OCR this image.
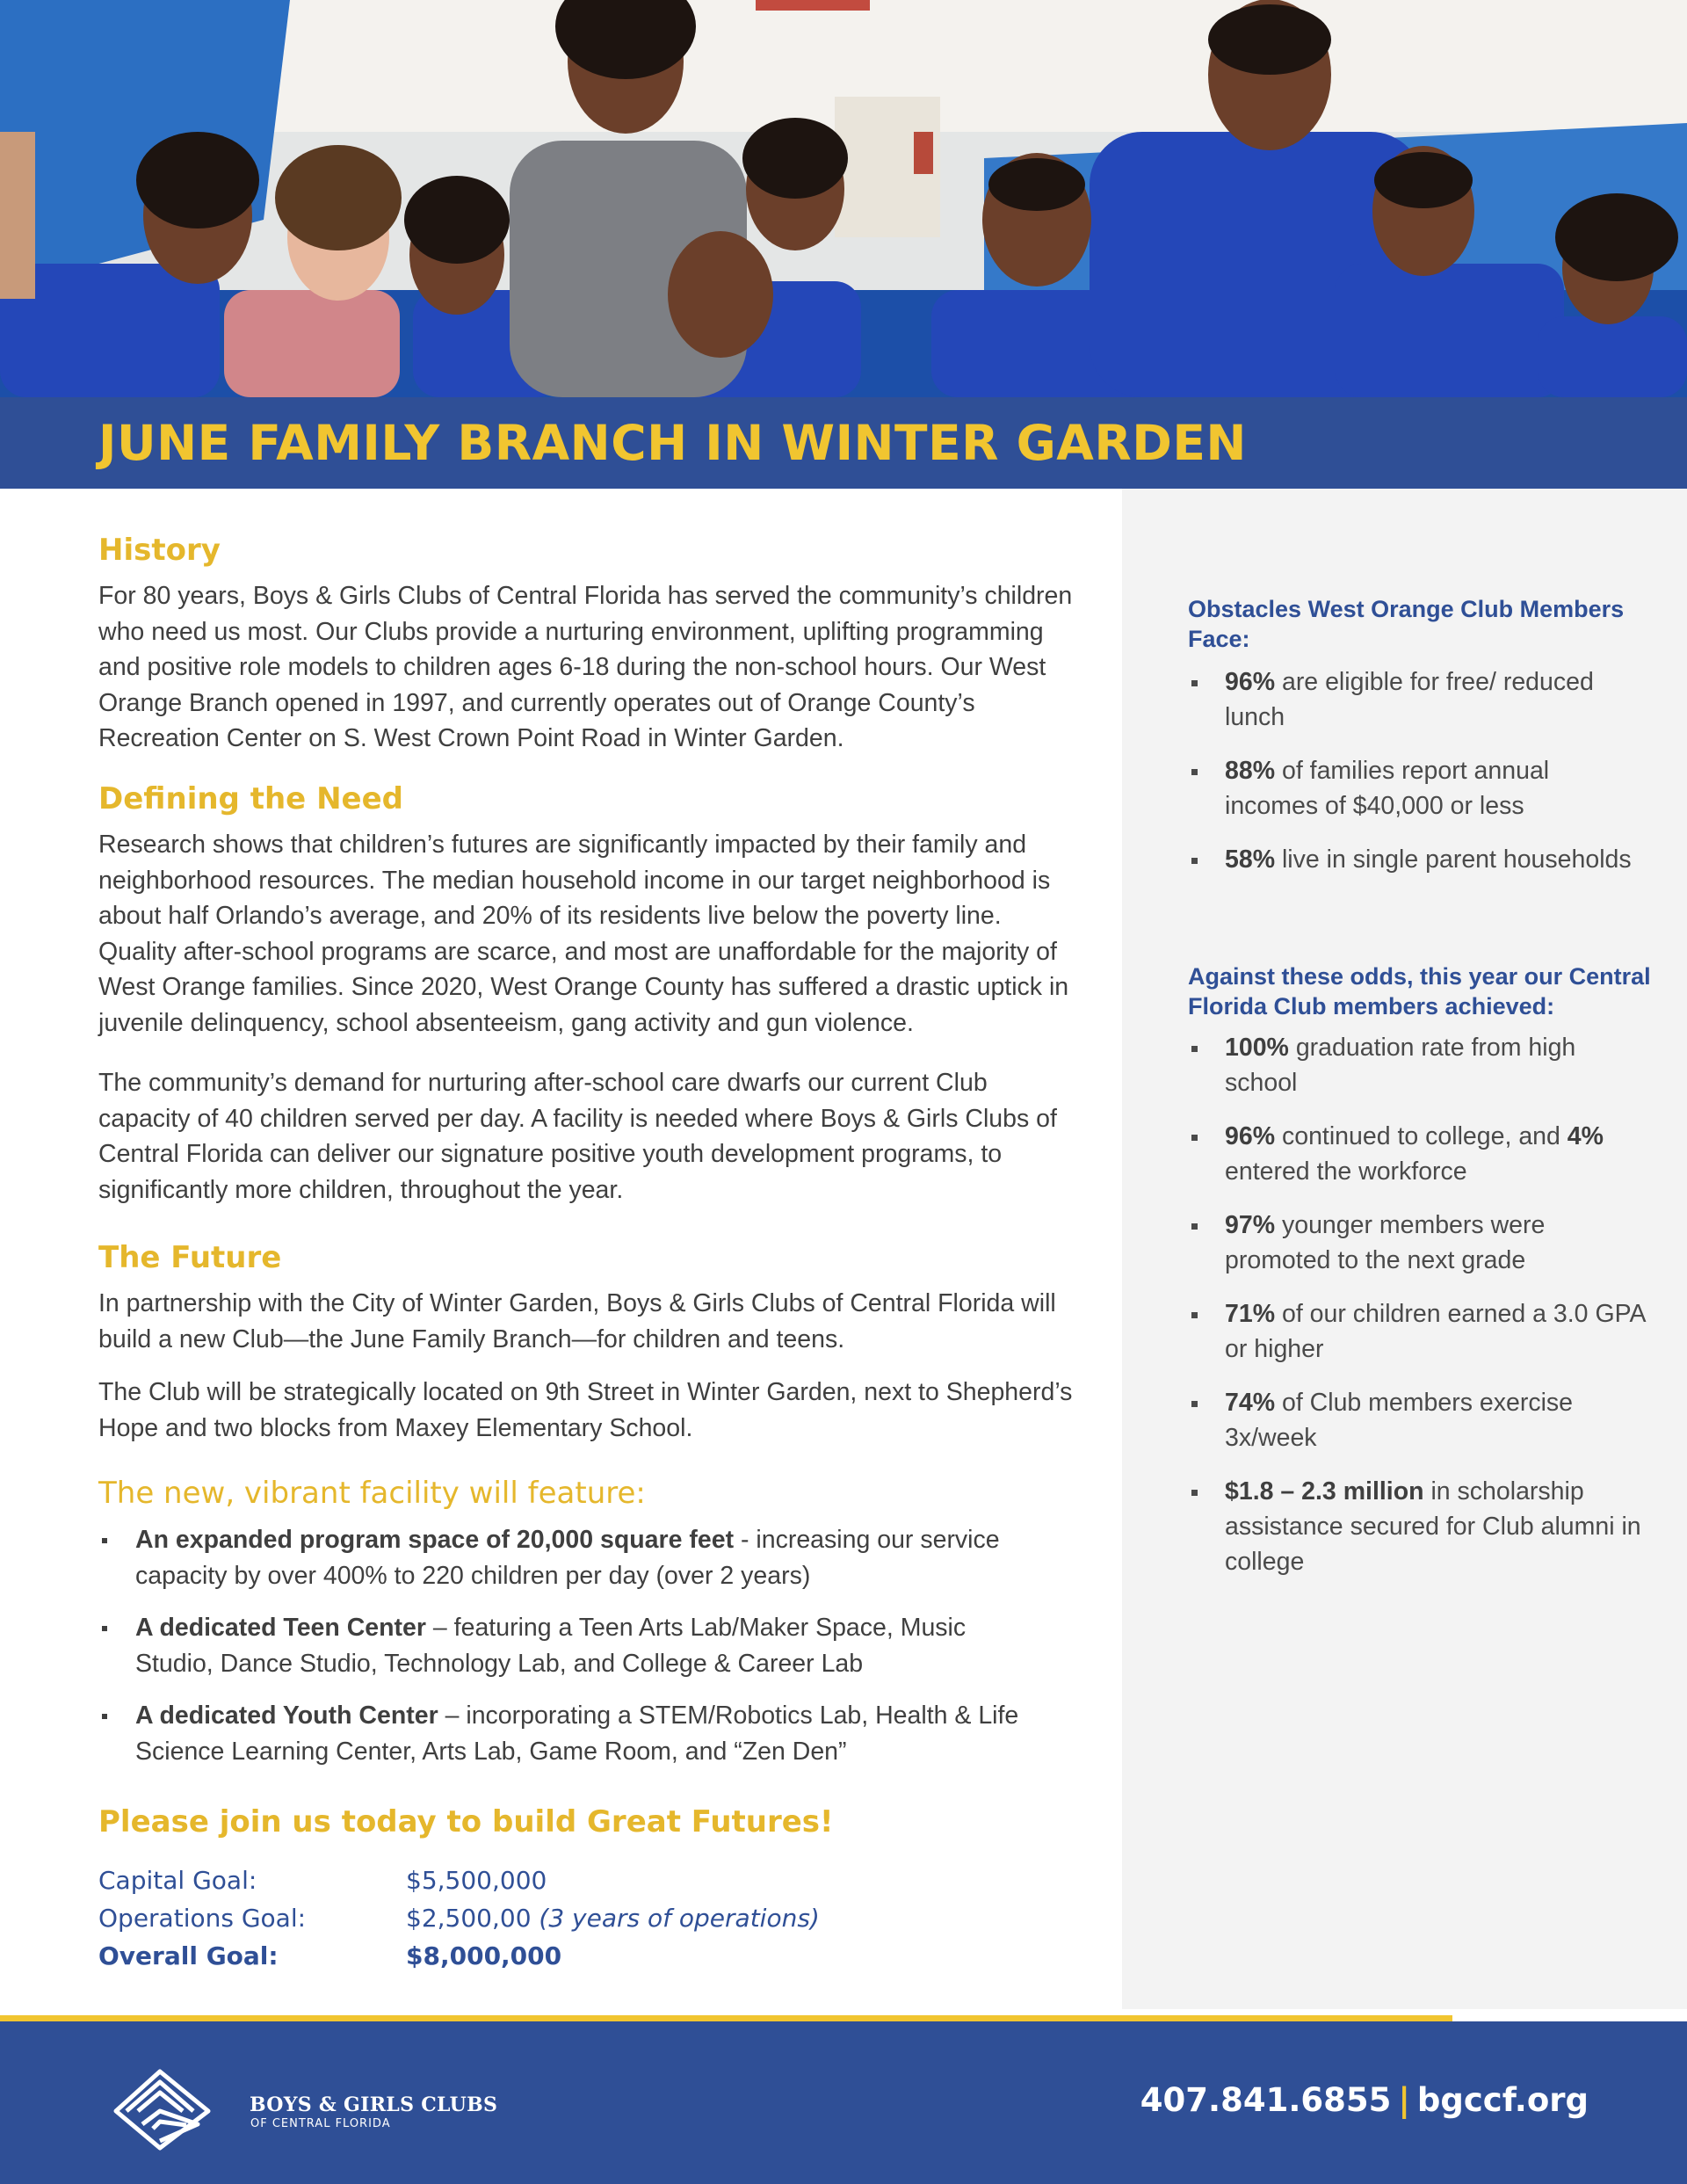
JUNE FAMILY BRANCH IN WINTER GARDEN
History

For 80 years, Boys & Girls Clubs of Central Florida has served the community’s children who need us most. Our Clubs provide a nurturing environment, uplifting programming and positive role models to children ages 6-18 during the non-school hours. Our West Orange Branch opened in 1997, and currently operates out of Orange County’s Recreation Center on S. West Crown Point Road in Winter Garden.

Defining the Need

Research shows that children’s futures are significantly impacted by their family and neighborhood resources. The median household income in our target neighborhood is about half Orlando’s average, and 20% of its residents live below the poverty line. Quality after-school programs are scarce, and most are unaffordable for the majority of West Orange families. Since 2020, West Orange County has suffered a drastic uptick in juvenile delinquency, school absenteeism, gang activity and gun violence.

The community’s demand for nurturing after-school care dwarfs our current Club capacity of 40 children served per day. A facility is needed where Boys & Girls Clubs of Central Florida can deliver our signature positive youth development programs, to significantly more children, throughout the year.

The Future

In partnership with the City of Winter Garden, Boys & Girls Clubs of Central Florida will build a new Club—the June Family Branch—for children and teens.

The Club will be strategically located on 9th Street in Winter Garden, next to Shepherd’s Hope and two blocks from Maxey Elementary School.

The new, vibrant facility will feature:
An expanded program space of 20,000 square feet - increasing our service capacity by over 400% to 220 children per day (over 2 years)
A dedicated Teen Center – featuring a Teen Arts Lab/Maker Space, Music Studio, Dance Studio, Technology Lab, and College & Career Lab
A dedicated Youth Center – incorporating a STEM/Robotics Lab, Health & Life Science Learning Center, Arts Lab, Game Room, and “Zen Den”
Please join us today to build Great Futures!
Capital Goal:	$5,500,000
Operations Goal:	$2,500,00 (3 years of operations)
Overall Goal:	$8,000,000
Obstacles West Orange Club Members Face:
96% are eligible for free/ reduced lunch
88% of families report annual incomes of $40,000 or less
58% live in single parent households
Against these odds, this year our Central Florida Club members achieved:
100% graduation rate from high school
96% continued to college, and 4% entered the workforce
97% younger members were promoted to the next grade
71% of our children earned a 3.0 GPA or higher
74% of Club members exercise 3x/week
$1.8 – 2.3 million in scholarship assistance secured for Club alumni in college
BOYS & GIRLS CLUBS
OF CENTRAL FLORIDA
407.841.6855 | bgccf.org
